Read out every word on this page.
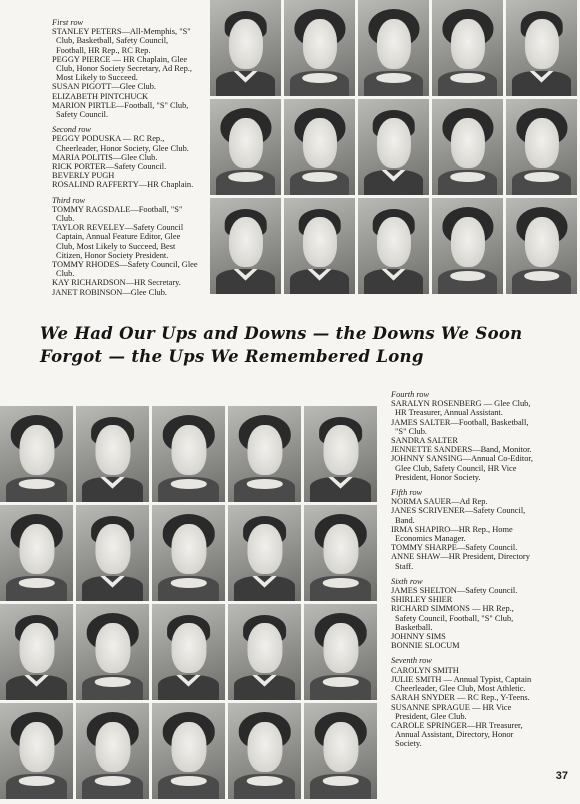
First row
STANLEY PETERS—All-Memphis, "S" Club, Basketball, Safety Council, Football, HR Rep., RC Rep.
PEGGY PIERCE — HR Chaplain, Glee Club, Honor Society Secretary, Ad Rep., Most Likely to Succeed.
SUSAN PIGOTT—Glee Club.
ELIZABETH PINTCHUCK
MARION PIRTLE—Football, "S" Club, Safety Council.
Second row
PEGGY PODUSKA — RC Rep., Cheerleader, Honor Society, Glee Club.
MARIA POLITIS—Glee Club.
RICK PORTER—Safety Council.
BEVERLY PUGH
ROSALIND RAFFERTY—HR Chaplain.
Third row
TOMMY RAGSDALE—Football, "S" Club.
TAYLOR REVELEY—Safety Council Captain, Annual Feature Editor, Glee Club, Most Likely to Succeed, Best Citizen, Honor Society President.
TOMMY RHODES—Safety Council, Glee Club.
KAY RICHARDSON—HR Secretary.
JANET ROBINSON—Glee Club.
We Had Our Ups and Downs — the Downs We Soon Forgot — the Ups We Remembered Long
Fourth row
SARALYN ROSENBERG — Glee Club, HR Treasurer, Annual Assistant.
JAMES SALTER—Football, Basketball, "S" Club.
SANDRA SALTER
JENNETTE SANDERS—Band, Monitor.
JOHNNY SANSING—Annual Co-Editor, Glee Club, Safety Council, HR Vice President, Honor Society.
Fifth row
NORMA SAUER—Ad Rep.
JANES SCRIVENER—Safety Council, Band.
IRMA SHAPIRO—HR Rep., Home Economics Manager.
TOMMY SHARPE—Safety Council.
ANNE SHAW—HR President, Directory Staff.
Sixth row
JAMES SHELTON—Safety Council.
SHIRLEY SHIER
RICHARD SIMMONS — HR Rep., Safety Council, Football, "S" Club, Basketball.
JOHNNY SIMS
BONNIE SLOCUM
Seventh row
CAROLYN SMITH
JULIE SMITH — Annual Typist, Captain Cheerleader, Glee Club, Most Athletic.
SARAH SNYDER — RC Rep., Y-Teens.
SUSANNE SPRAGUE — HR Vice President, Glee Club.
CAROLE SPRINGER—HR Treasurer, Annual Assistant, Directory, Honor Society.
37
